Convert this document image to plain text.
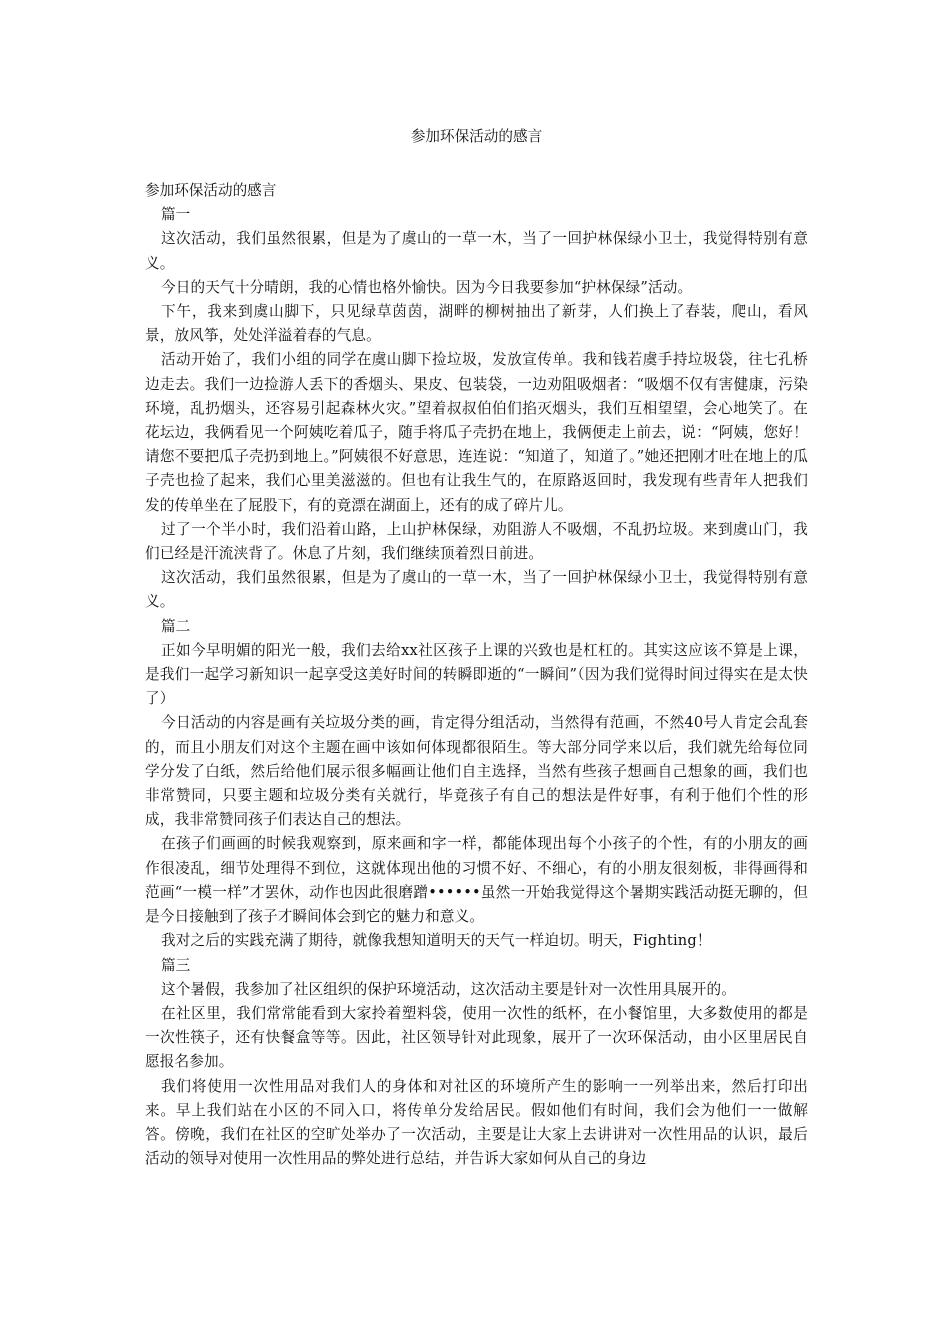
参加环保活动的感言
参加环保活动的感言

篇一

这次活动，我们虽然很累，但是为了虞山的一草一木，当了一回护林保绿小卫士，我觉得特别有意义。

今日的天气十分晴朗，我的心情也格外愉快。因为今日我要参加“护林保绿”活动。

下午，我来到虞山脚下，只见绿草茵茵，湖畔的柳树抽出了新芽，人们换上了春装，爬山，看风景，放风筝，处处洋溢着春的气息。

活动开始了，我们小组的同学在虞山脚下捡垃圾，发放宣传单。我和钱若虞手持垃圾袋，往七孔桥边走去。我们一边捡游人丢下的香烟头、果皮、包装袋，一边劝阻吸烟者：“吸烟不仅有害健康，污染环境，乱扔烟头，还容易引起森林火灾。”望着叔叔伯伯们掐灭烟头，我们互相望望，会心地笑了。在花坛边，我俩看见一个阿姨吃着瓜子，随手将瓜子壳扔在地上，我俩便走上前去，说：“阿姨，您好！请您不要把瓜子壳扔到地上。”阿姨很不好意思，连连说：“知道了，知道了。”她还把刚才吐在地上的瓜子壳也捡了起来，我们心里美滋滋的。但也有让我生气的，在原路返回时，我发现有些青年人把我们发的传单坐在了屁股下，有的竟漂在湖面上，还有的成了碎片儿。

过了一个半小时，我们沿着山路，上山护林保绿，劝阻游人不吸烟，不乱扔垃圾。来到虞山门，我们已经是汗流浃背了。休息了片刻，我们继续顶着烈日前进。

这次活动，我们虽然很累，但是为了虞山的一草一木，当了一回护林保绿小卫士，我觉得特别有意义。

篇二

正如今早明媚的阳光一般，我们去给xx社区孩子上课的兴致也是杠杠的。其实这应该不算是上课，是我们一起学习新知识一起享受这美好时间的转瞬即逝的“一瞬间”（因为我们觉得时间过得实在是太快了）

今日活动的内容是画有关垃圾分类的画，肯定得分组活动，当然得有范画，不然40号人肯定会乱套的，而且小朋友们对这个主题在画中该如何体现都很陌生。等大部分同学来以后，我们就先给每位同学分发了白纸，然后给他们展示很多幅画让他们自主选择，当然有些孩子想画自己想象的画，我们也非常赞同，只要主题和垃圾分类有关就行，毕竟孩子有自己的想法是件好事，有利于他们个性的形成，我非常赞同孩子们表达自己的想法。

在孩子们画画的时候我观察到，原来画和字一样，都能体现出每个小孩子的个性，有的小朋友的画作很凌乱，细节处理得不到位，这就体现出他的习惯不好、不细心，有的小朋友很刻板，非得画得和范画“一模一样”才罢休，动作也因此很磨蹭••••••虽然一开始我觉得这个暑期实践活动挺无聊的，但是今日接触到了孩子才瞬间体会到它的魅力和意义。

我对之后的实践充满了期待，就像我想知道明天的天气一样迫切。明天，Fighting！

篇三

这个暑假，我参加了社区组织的保护环境活动，这次活动主要是针对一次性用具展开的。

在社区里，我们常常能看到大家拎着塑料袋，使用一次性的纸杯，在小餐馆里，大多数使用的都是一次性筷子，还有快餐盒等等。因此，社区领导针对此现象，展开了一次环保活动，由小区里居民自愿报名参加。

我们将使用一次性用品对我们人的身体和对社区的环境所产生的影响一一列举出来，然后打印出来。早上我们站在小区的不同入口，将传单分发给居民。假如他们有时间，我们会为他们一一做解答。傍晚，我们在社区的空旷处举办了一次活动，主要是让大家上去讲讲对一次性用品的认识，最后活动的领导对使用一次性用品的弊处进行总结，并告诉大家如何从自己的身边
